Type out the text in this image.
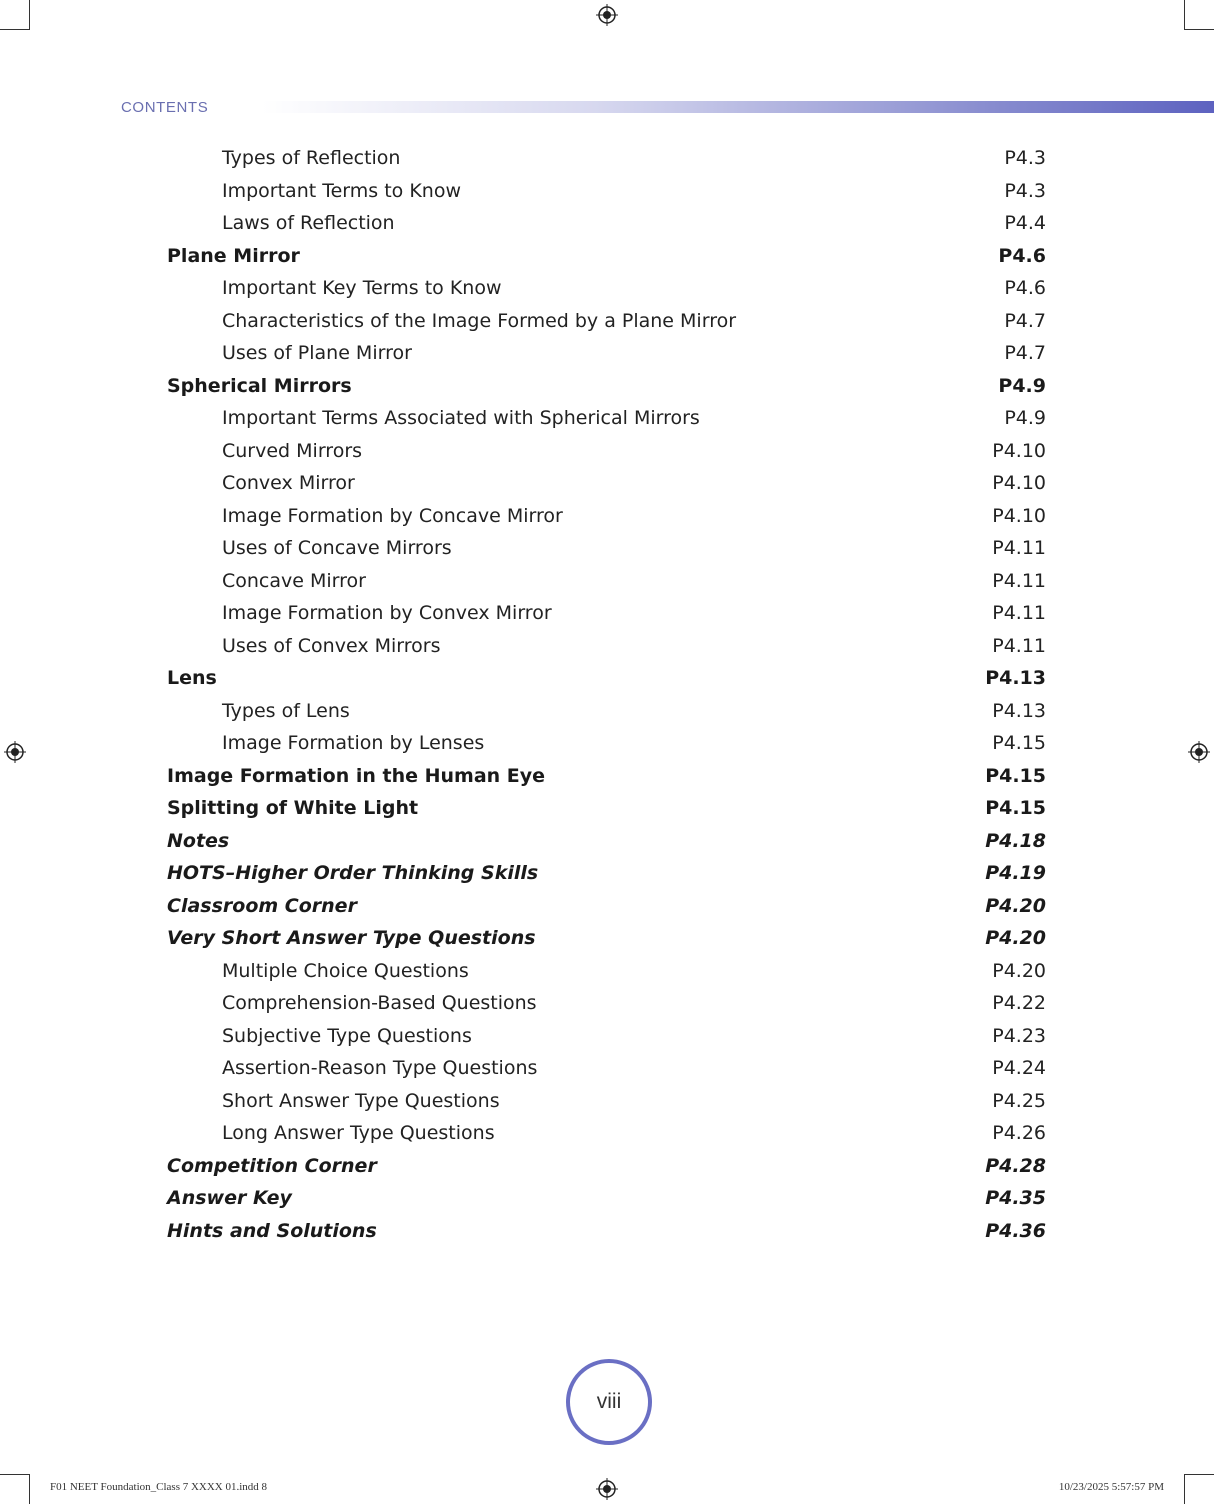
CONTENTS
Types of Reflection	P4.3
Important Terms to Know	P4.3
Laws of Reflection	P4.4
Plane Mirror	P4.6
Important Key Terms to Know	P4.6
Characteristics of the Image Formed by a Plane Mirror	P4.7
Uses of Plane Mirror	P4.7
Spherical Mirrors	P4.9
Important Terms Associated with Spherical Mirrors	P4.9
Curved Mirrors	P4.10
Convex Mirror	P4.10
Image Formation by Concave Mirror	P4.10
Uses of Concave Mirrors	P4.11
Concave Mirror	P4.11
Image Formation by Convex Mirror	P4.11
Uses of Convex Mirrors	P4.11
Lens	P4.13
Types of Lens	P4.13
Image Formation by Lenses	P4.15
Image Formation in the Human Eye	P4.15
Splitting of White Light	P4.15
Notes	P4.18
HOTS–Higher Order Thinking Skills	P4.19
Classroom Corner	P4.20
Very Short Answer Type Questions	P4.20
Multiple Choice Questions	P4.20
Comprehension-Based Questions	P4.22
Subjective Type Questions	P4.23
Assertion-Reason Type Questions	P4.24
Short Answer Type Questions	P4.25
Long Answer Type Questions	P4.26
Competition Corner	P4.28
Answer Key	P4.35
Hints and Solutions	P4.36
viii
F01 NEET Foundation_Class 7 XXXX 01.indd 8	10/23/2025 5:57:57 PM
